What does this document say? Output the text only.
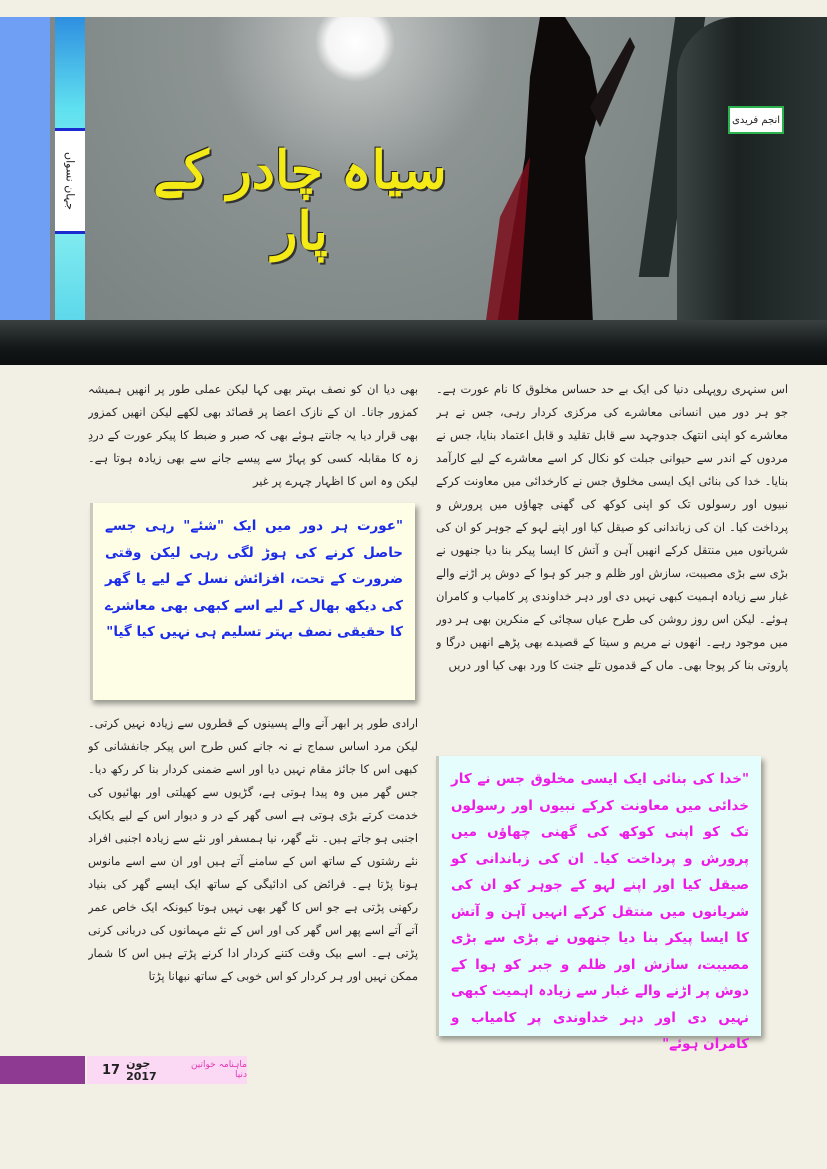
جہان نسواں
انجم فریدی
سیاہ چادر کے پار
اس سنہری روپہلی دنیا کی ایک بے حد حساس مخلوق کا نام عورت ہے۔ جو ہر دور میں انسانی معاشرے کی مرکزی کردار رہی، جس نے ہر معاشرے کو اپنی انتھک جدوجہد سے قابل تقلید و قابل اعتماد بنایا، جس نے مردوں کے اندر سے حیوانی جبلت کو نکال کر اسے معاشرے کے لیے کارآمد بنایا۔ خدا کی بنائی ایک ایسی مخلوق جس نے کارخدائی میں معاونت کرکے نبیوں اور رسولوں تک کو اپنی کوکھ کی گھنی چھاؤں میں پرورش و پرداخت کیا۔ ان کی زباندانی کو صیقل کیا اور اپنے لہو کے جوہر کو ان کی شریانوں میں منتقل کرکے انھیں آہن و آتش کا ایسا پیکر بنا دیا جنھوں نے بڑی سے بڑی مصیبت، سازش اور ظلم و جبر کو ہوا کے دوش پر اڑنے والے غبار سے زیادہ اہمیت کبھی نہیں دی اور دہر خداوندی پر کامیاب و کامران ہوئے۔ لیکن اس روز روشن کی طرح عیاں سچائی کے منکرین بھی ہر دور میں موجود رہے۔ انھوں نے مریم و سیتا کے قصیدے بھی پڑھے انھیں درگا و پاروتی بنا کر پوجا بھی۔ ماں کے قدموں تلے جنت کا ورد بھی کیا اور دریں
بھی دیا ان کو نصف بہتر بھی کہا لیکن عملی طور پر انھیں ہمیشہ کمزور جانا۔ ان کے نازک اعضا پر قصائد بھی لکھے لیکن انھیں کمزور بھی قرار دیا یہ جانتے ہوئے بھی کہ صبر و ضبط کا پیکر عورت کے دردِ زہ کا مقابلہ کسی کو پہاڑ سے پیسے جانے سے بھی زیادہ ہوتا ہے۔ لیکن وہ اس کا اظہار چہرے پر غیر
ارادی طور پر ابھر آنے والے پسینوں کے قطروں سے زیادہ نہیں کرتی۔ لیکن مرد اساس سماج نے نہ جانے کس طرح اس پیکر جانفشانی کو کبھی اس کا جائز مقام نہیں دیا اور اسے ضمنی کردار بنا کر رکھ دیا۔ جس گھر میں وہ پیدا ہوتی ہے، گڑیوں سے کھیلتی اور بھائیوں کی خدمت کرتے بڑی ہوتی ہے اسی گھر کے در و دیوار اس کے لیے یکایک اجنبی ہو جاتے ہیں۔ نئے گھر، نیا ہمسفر اور نئے سے زیادہ اجنبی افراد نئے رشتوں کے ساتھ اس کے سامنے آتے ہیں اور ان سے اسے مانوس ہونا پڑتا ہے۔ فرائض کی ادائیگی کے ساتھ ایک ایسے گھر کی بنیاد رکھنی پڑتی ہے جو اس کا گھر بھی نہیں ہوتا کیونکہ ایک خاص عمر آتے آتے اسے پھر اس گھر کی اور اس کے نئے مہمانوں کی دربانی کرنی پڑتی ہے۔ اسے بیک وقت کتنے کردار ادا کرنے پڑتے ہیں اس کا شمار ممکن نہیں اور ہر کردار کو اس خوبی کے ساتھ نبھانا پڑتا
"عورت ہر دور میں ایک "شئے" رہی جسے حاصل کرنے کی ہوڑ لگی رہی لیکن وقتی ضرورت کے تحت، افزائش نسل کے لیے یا گھر کی دیکھ بھال کے لیے اسے کبھی بھی معاشرے کا حقیقی نصف بہتر تسلیم ہی نہیں کیا گیا"
"خدا کی بنائی ایک ایسی مخلوق جس نے کار خدائی میں معاونت کرکے نبیوں اور رسولوں تک کو اپنی کوکھ کی گھنی چھاؤں میں پرورش و پرداخت کیا۔ ان کی زباندانی کو صیقل کیا اور اپنے لہو کے جوہر کو ان کی شریانوں میں منتقل کرکے انہیں آہن و آتش کا ایسا پیکر بنا دیا جنھوں نے بڑی سے بڑی مصیبت، سازش اور ظلم و جبر کو ہوا کے دوش پر اڑنے والے غبار سے زیادہ اہمیت کبھی نہیں دی اور دہر خداوندی پر کامیاب و کامران ہوئے"
17 جون 2017
ماہنامہ خواتین دنیا
